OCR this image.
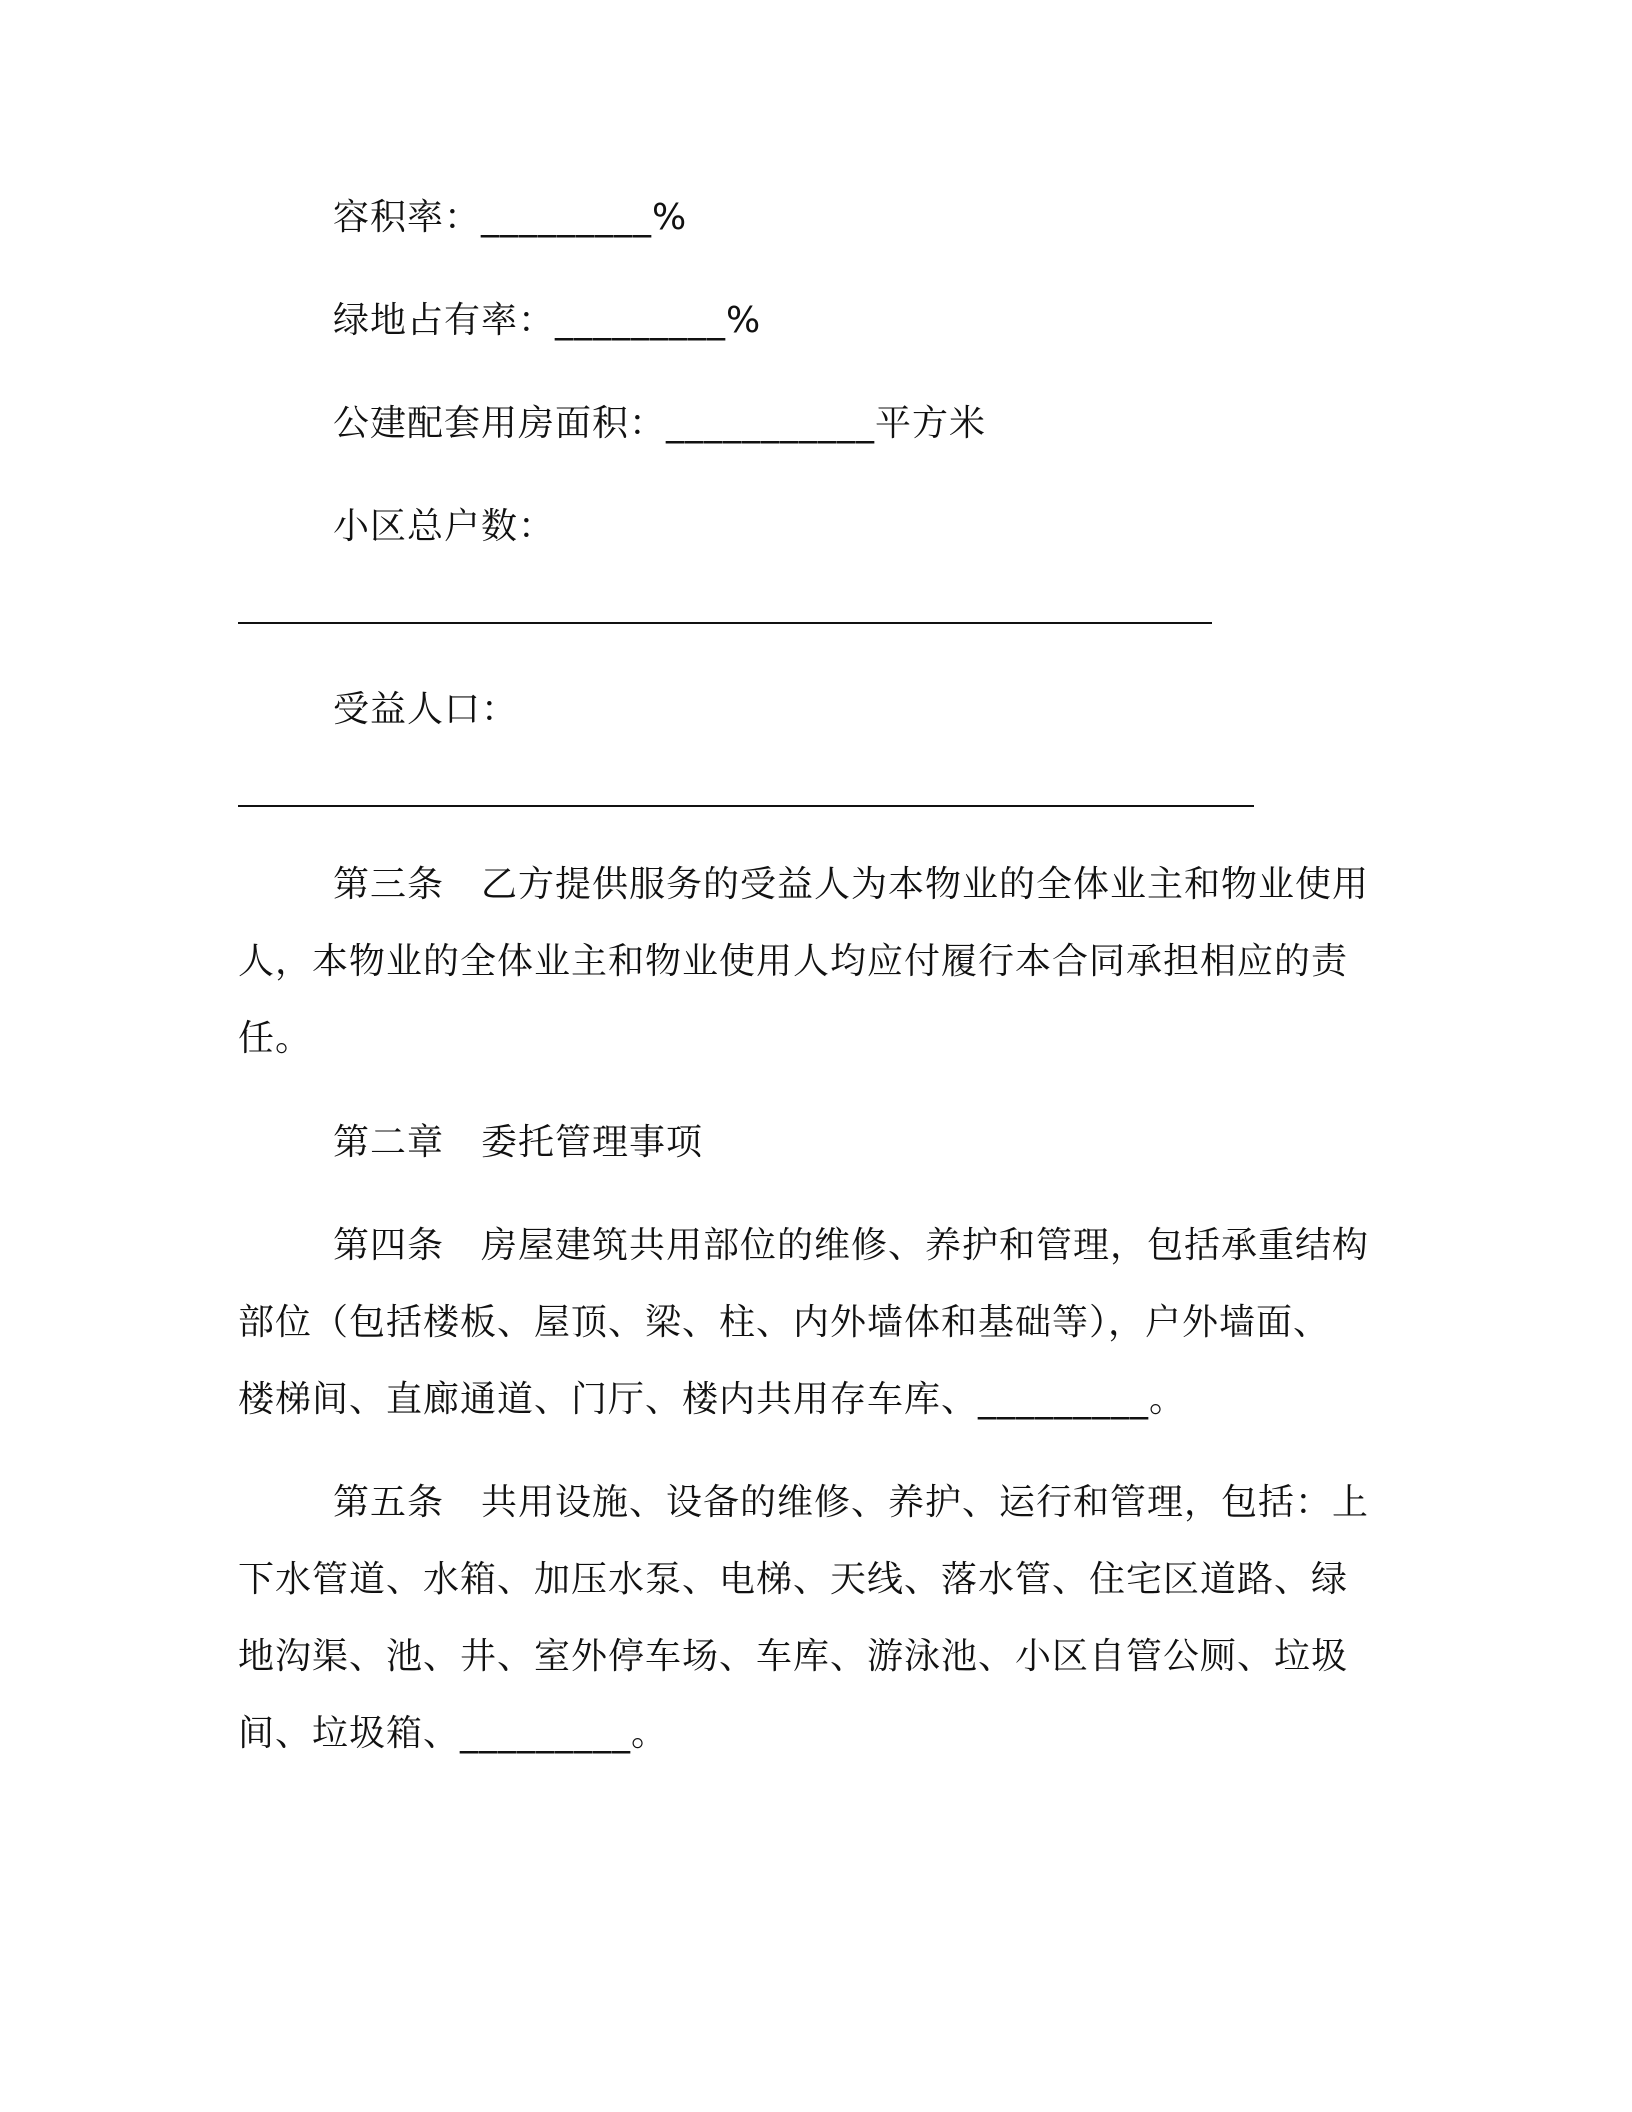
容积率：_________%
绿地占有率：_________%
公建配套用房面积：___________平方米
小区总户数：
受益人口：
第三条　乙方提供服务的受益人为本物业的全体业主和物业使用
人，本物业的全体业主和物业使用人均应付履行本合同承担相应的责
任。
第二章　委托管理事项
第四条　房屋建筑共用部位的维修、养护和管理，包括承重结构
部位（包括楼板、屋顶、梁、柱、内外墙体和基础等），户外墙面、
楼梯间、直廊通道、门厅、楼内共用存车库、_________。
第五条　共用设施、设备的维修、养护、运行和管理，包括：上
下水管道、水箱、加压水泵、电梯、天线、落水管、住宅区道路、绿
地沟渠、池、井、室外停车场、车库、游泳池、小区自管公厕、垃圾
间、垃圾箱、_________。
